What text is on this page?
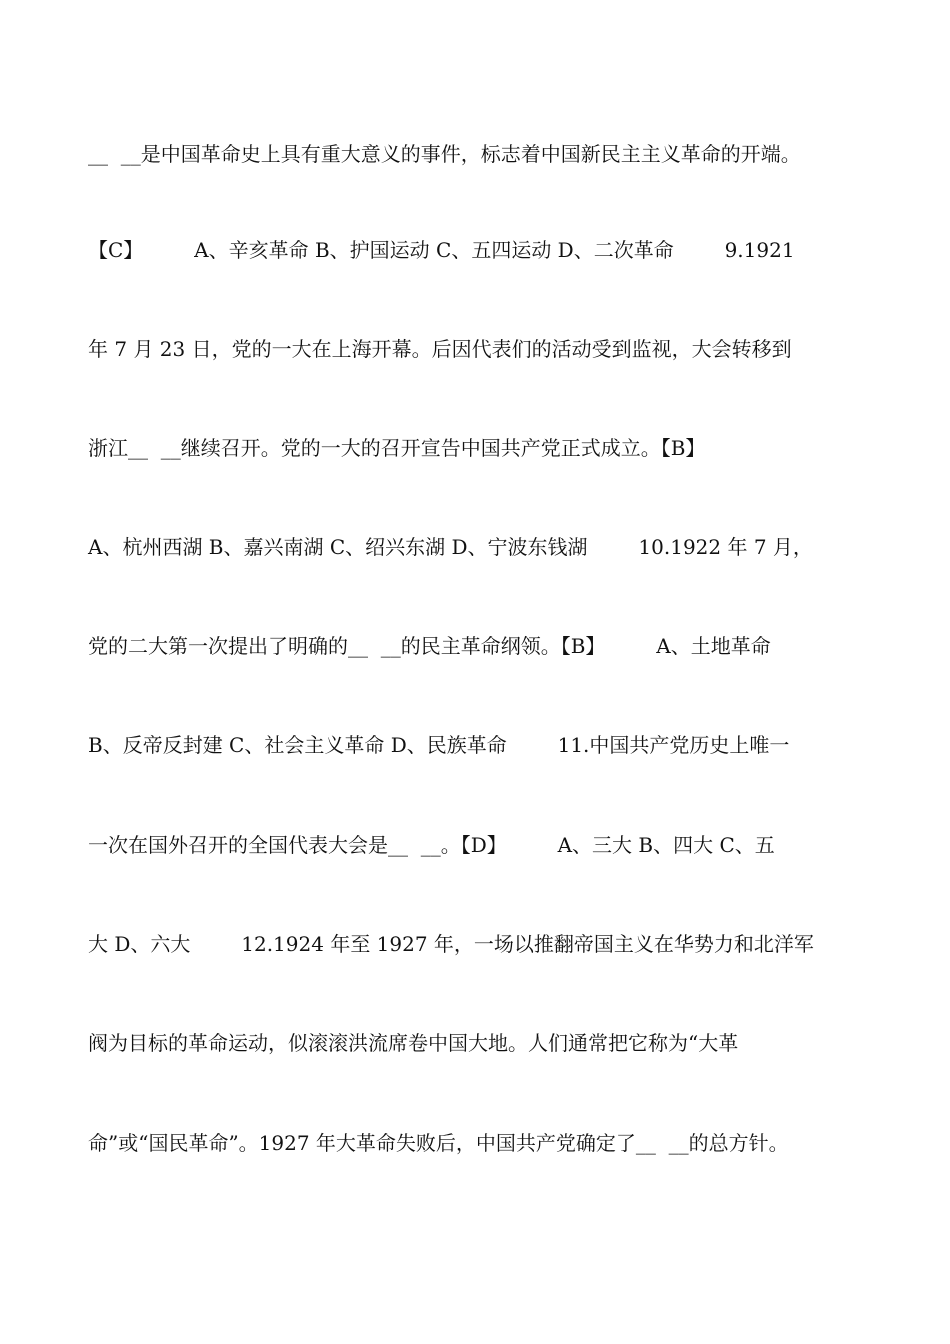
__  __是中国革命史上具有重大意义的事件，标志着中国新民主主义革命的开端。

【C】        A、辛亥革命 B、护国运动 C、五四运动 D、二次革命        9.1921

年 7 月 23 日，党的一大在上海开幕。后因代表们的活动受到监视，大会转移到

浙江__  __继续召开。党的一大的召开宣告中国共产党正式成立。【B】

A、杭州西湖 B、嘉兴南湖 C、绍兴东湖 D、宁波东钱湖        10.1922 年 7 月，

党的二大第一次提出了明确的__  __的民主革命纲领。【B】        A、土地革命

B、反帝反封建 C、社会主义革命 D、民族革命        11.中国共产党历史上唯一

一次在国外召开的全国代表大会是__  __。【D】        A、三大 B、四大 C、五

大 D、六大        12.1924 年至 1927 年，一场以推翻帝国主义在华势力和北洋军

阀为目标的革命运动，似滚滚洪流席卷中国大地。人们通常把它称为“大革

命”或“国民革命”。1927 年大革命失败后，中国共产党确定了__  __的总方针。
